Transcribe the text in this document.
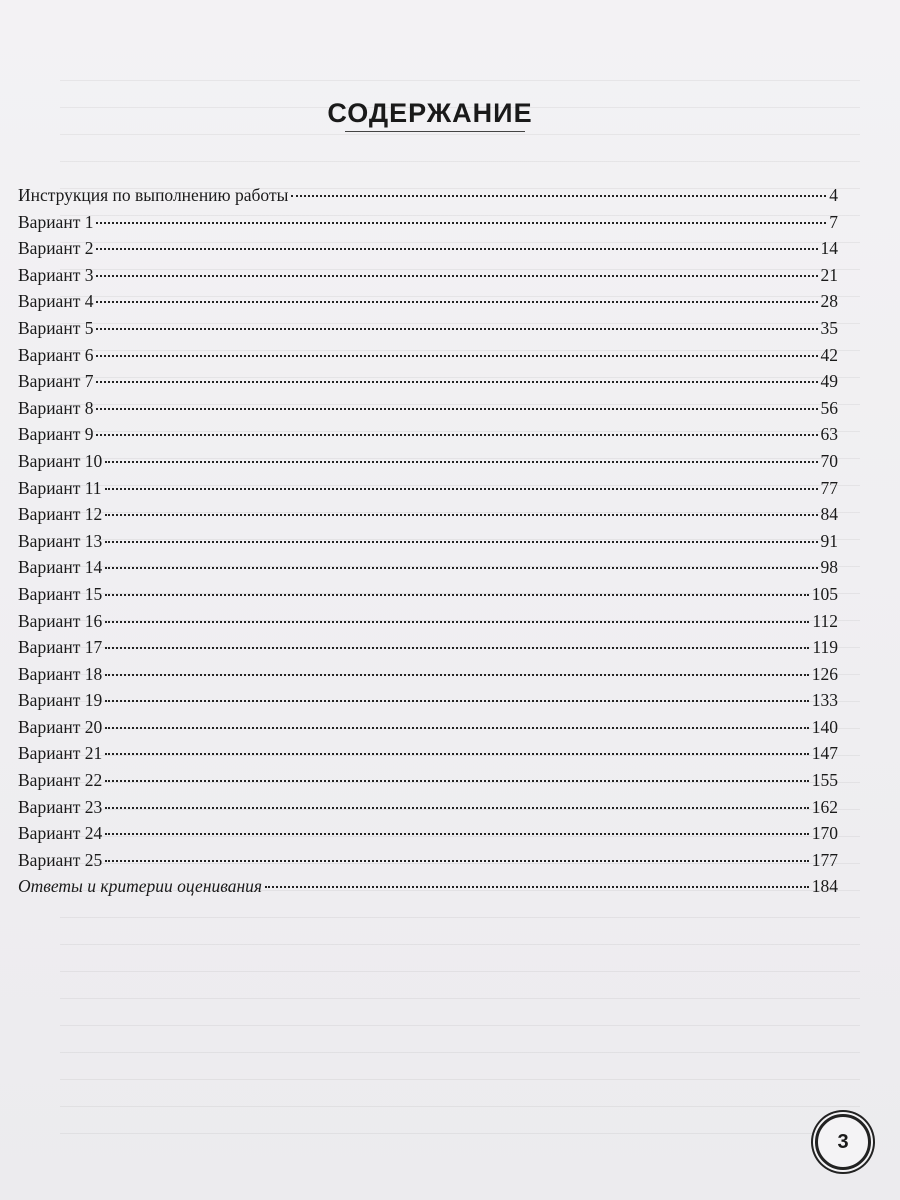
СОДЕРЖАНИЕ
Инструкция по выполнению работы	4
Вариант 1	7
Вариант 2	14
Вариант 3	21
Вариант 4	28
Вариант 5	35
Вариант 6	42
Вариант 7	49
Вариант 8	56
Вариант 9	63
Вариант 10	70
Вариант 11	77
Вариант 12	84
Вариант 13	91
Вариант 14	98
Вариант 15	105
Вариант 16	112
Вариант 17	119
Вариант 18	126
Вариант 19	133
Вариант 20	140
Вариант 21	147
Вариант 22	155
Вариант 23	162
Вариант 24	170
Вариант 25	177
Ответы и критерии оценивания	184
3
